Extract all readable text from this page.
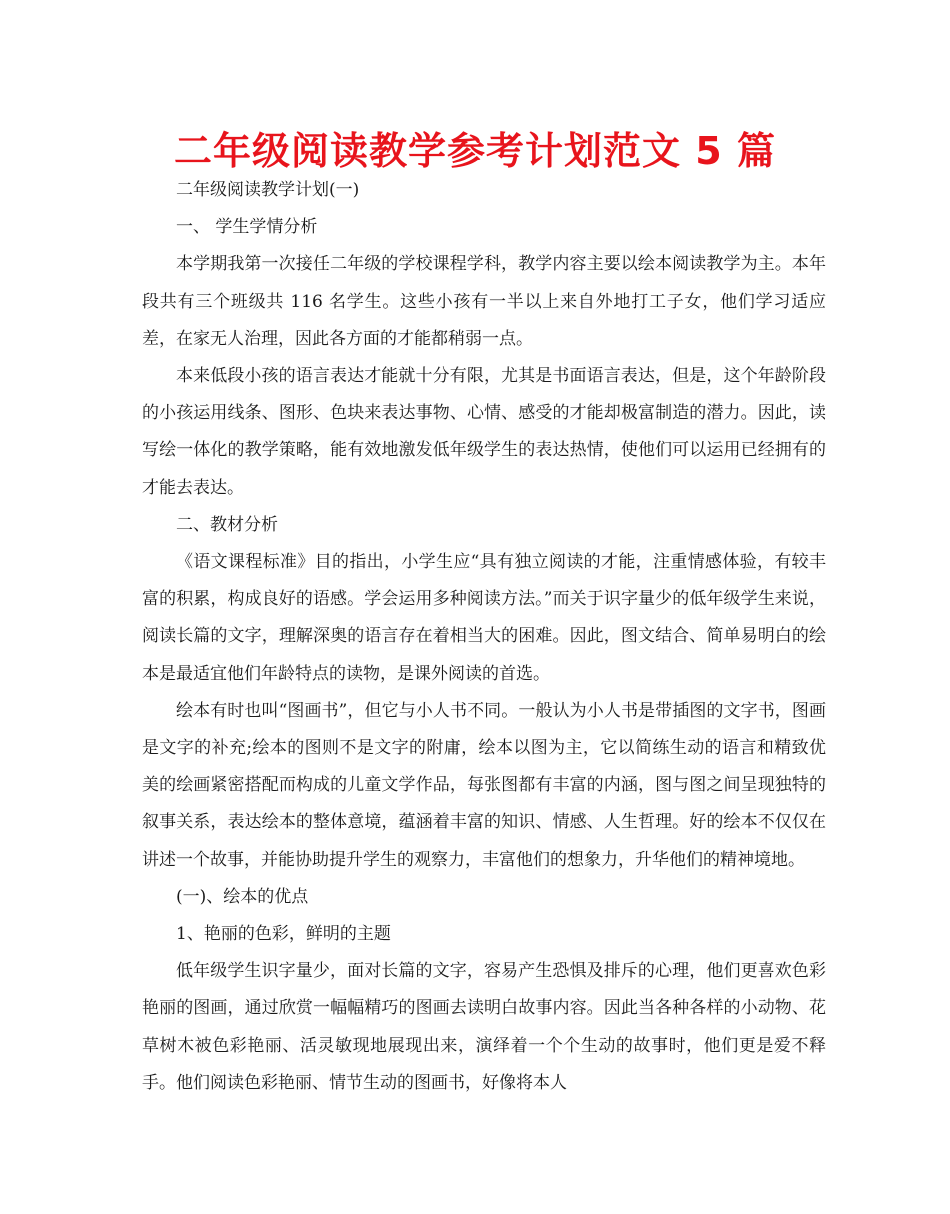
二年级阅读教学参考计划范文 5 篇

二年级阅读教学计划(一)

一、 学生学情分析

本学期我第一次接任二年级的学校课程学科，教学内容主要以绘本阅读教学为主。本年段共有三个班级共 116 名学生。这些小孩有一半以上来自外地打工子女，他们学习适应差，在家无人治理，因此各方面的才能都稍弱一点。

本来低段小孩的语言表达才能就十分有限，尤其是书面语言表达，但是，这个年龄阶段的小孩运用线条、图形、色块来表达事物、心情、感受的才能却极富制造的潜力。因此，读写绘一体化的教学策略，能有效地激发低年级学生的表达热情，使他们可以运用已经拥有的才能去表达。

二、教材分析

《语文课程标准》目的指出，小学生应“具有独立阅读的才能，注重情感体验，有较丰富的积累，构成良好的语感。学会运用多种阅读方法。”而关于识字量少的低年级学生来说，阅读长篇的文字，理解深奥的语言存在着相当大的困难。因此，图文结合、简单易明白的绘本是最适宜他们年龄特点的读物，是课外阅读的首选。

绘本有时也叫“图画书”，但它与小人书不同。一般认为小人书是带插图的文字书，图画是文字的补充;绘本的图则不是文字的附庸，绘本以图为主，它以简练生动的语言和精致优美的绘画紧密搭配而构成的儿童文学作品，每张图都有丰富的内涵，图与图之间呈现独特的叙事关系，表达绘本的整体意境，蕴涵着丰富的知识、情感、人生哲理。好的绘本不仅仅在讲述一个故事，并能协助提升学生的观察力，丰富他们的想象力，升华他们的精神境地。

(一)、绘本的优点

1、艳丽的色彩，鲜明的主题

低年级学生识字量少，面对长篇的文字，容易产生恐惧及排斥的心理，他们更喜欢色彩艳丽的图画，通过欣赏一幅幅精巧的图画去读明白故事内容。因此当各种各样的小动物、花草树木被色彩艳丽、活灵敏现地展现出来，演绎着一个个生动的故事时，他们更是爱不释手。他们阅读色彩艳丽、情节生动的图画书，好像将本人
